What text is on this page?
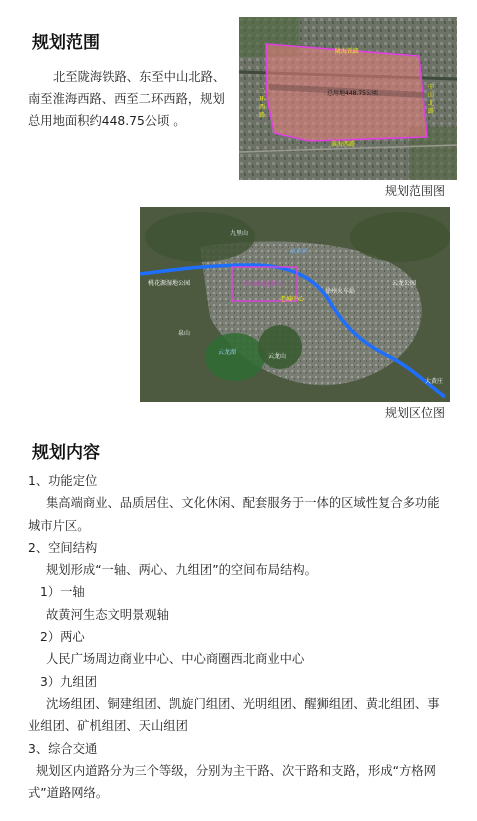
规划范围
北至陇海铁路、东至中山北路、
南至淮海西路、西至二环西路，规划
总用地面积约448.75公顷 。
陇海铁路
二环西路
中山北路
淮海西路
总用地448.75公顷
规划范围图
九里山
故黄河
桃花源湿地公园	中心商圈北片区
老城中心
徐州火车站
云龙公园
泉山
云龙湖
云龙山
大黄庄
规划区位图
规划内容
1、功能定位
集高端商业、品质居住、文化休闲、配套服务于一体的区域性复合多功能
城市片区。
2、空间结构
规划形成“一轴、两心、九组团”的空间布局结构。
1）一轴
故黄河生态文明景观轴
2）两心
人民广场周边商业中心、中心商圈西北商业中心
3）九组团
沈场组团、铜建组团、凯旋门组团、光明组团、醒狮组团、黄北组团、事
业组团、矿机组团、天山组团
3、综合交通
规划区内道路分为三个等级，分别为主干路、次干路和支路，形成“方格网
式”道路网络。
